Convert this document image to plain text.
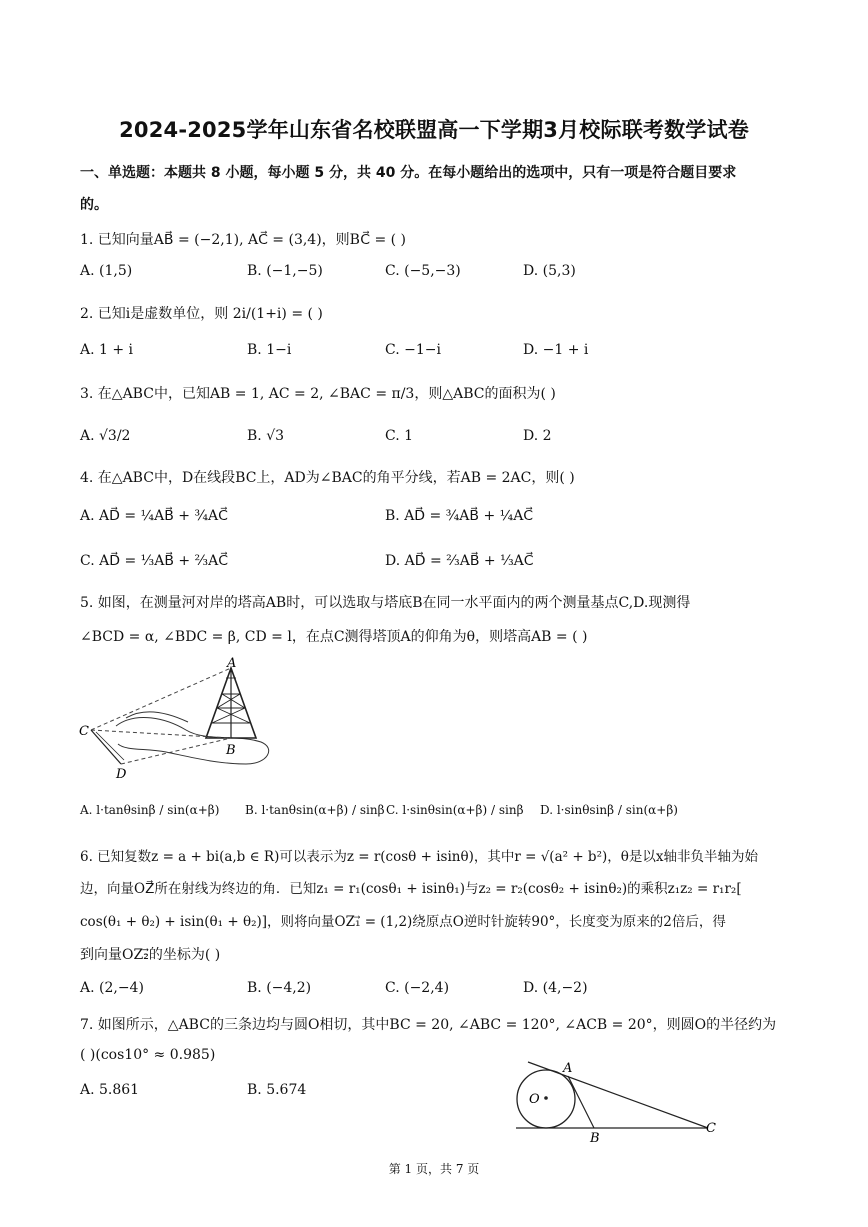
2024-2025学年山东省名校联盟高一下学期3月校际联考数学试卷
一、单选题：本题共 8 小题，每小题 5 分，共 40 分。在每小题给出的选项中，只有一项是符合题目要求
的。
1. 已知向量AB⃗ = (−2,1), AC⃗ = (3,4)，则BC⃗ = ( )
A. (1,5)	B. (−1,−5)	C. (−5,−3)	D. (5,3)
2. 已知i是虚数单位，则 2i/(1+i) = ( )
A. 1 + i	B. 1−i	C. −1−i	D. −1 + i
3. 在△ABC中，已知AB = 1, AC = 2, ∠BAC = π/3，则△ABC的面积为( )
A. √3/2	B. √3	C. 1	D. 2
4. 在△ABC中，D在线段BC上，AD为∠BAC的角平分线，若AB = 2AC，则( )
A. AD⃗ = ¼AB⃗ + ¾AC⃗	B. AD⃗ = ¾AB⃗ + ¼AC⃗
C. AD⃗ = ⅓AB⃗ + ⅔AC⃗	D. AD⃗ = ⅔AB⃗ + ⅓AC⃗
5. 如图，在测量河对岸的塔高AB时，可以选取与塔底B在同一水平面内的两个测量基点C,D.现测得
∠BCD = α, ∠BDC = β, CD = l，在点C测得塔顶A的仰角为θ，则塔高AB = ( )
A
B
C
D
A. l·tanθsinβ / sin(α+β) B. l·tanθsin(α+β) / sinβ C. l·sinθsin(α+β) / sinβ D. l·sinθsinβ / sin(α+β)
6. 已知复数z = a + bi(a,b ∈ R)可以表示为z = r(cosθ + isinθ)，其中r = √(a² + b²)，θ是以x轴非负半轴为始
边，向量OZ⃗所在射线为终边的角．已知z₁ = r₁(cosθ₁ + isinθ₁)与z₂ = r₂(cosθ₂ + isinθ₂)的乘积z₁z₂ = r₁r₂[
cos(θ₁ + θ₂) + isin(θ₁ + θ₂)]，则将向量OZ₁⃗ = (1,2)绕原点O逆时针旋转90°，长度变为原来的2倍后，得
到向量OZ₂⃗的坐标为( )
A. (2,−4)	B. (−4,2)	C. (−2,4)	D. (4,−2)
7. 如图所示，△ABC的三条边均与圆O相切，其中BC = 20, ∠ABC = 120°, ∠ACB = 20°，则圆O的半径约为
( )(cos10° ≈ 0.985)
A. 5.861	B. 5.674
A
O
B
C
第 1 页，共 7 页
